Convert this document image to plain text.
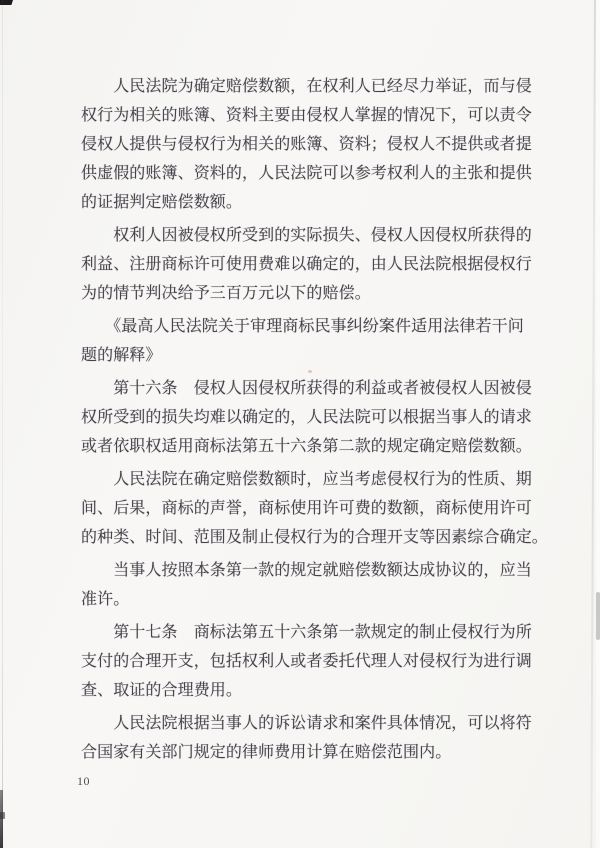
　　人民法院为确定赔偿数额，在权利人已经尽力举证，而与侵
权行为相关的账簿、资料主要由侵权人掌握的情况下，可以责令
侵权人提供与侵权行为相关的账簿、资料；侵权人不提供或者提
供虚假的账簿、资料的，人民法院可以参考权利人的主张和提供
的证据判定赔偿数额。
　　权利人因被侵权所受到的实际损失、侵权人因侵权所获得的
利益、注册商标许可使用费难以确定的，由人民法院根据侵权行
为的情节判决给予三百万元以下的赔偿。
　　《最高人民法院关于审理商标民事纠纷案件适用法律若干问
题的解释》
　　第十六条　侵权人因侵权所获得的利益或者被侵权人因被侵
权所受到的损失均难以确定的，人民法院可以根据当事人的请求
或者依职权适用商标法第五十六条第二款的规定确定赔偿数额。
　　人民法院在确定赔偿数额时，应当考虑侵权行为的性质、期
间、后果，商标的声誉，商标使用许可费的数额，商标使用许可
的种类、时间、范围及制止侵权行为的合理开支等因素综合确定。
　　当事人按照本条第一款的规定就赔偿数额达成协议的，应当
准许。
　　第十七条　商标法第五十六条第一款规定的制止侵权行为所
支付的合理开支，包括权利人或者委托代理人对侵权行为进行调
查、取证的合理费用。
　　人民法院根据当事人的诉讼请求和案件具体情况，可以将符
合国家有关部门规定的律师费用计算在赔偿范围内。
10
